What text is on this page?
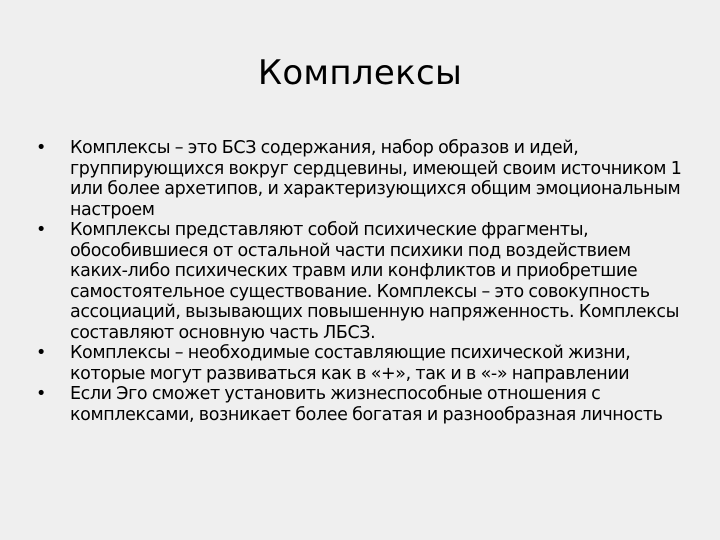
Комплексы
• Комплексы – это БСЗ содержания, набор образов и идей, группирующихся вокруг сердцевины, имеющей своим источником 1 или более архетипов, и характеризующихся общим эмоциональным настроем
• Комплексы представляют собой психические фрагменты, обособившиеся от остальной части психики под воздействием каких-либо психических травм или конфликтов и приобретшие самостоятельное существование. Комплексы – это совокупность ассоциаций, вызывающих повышенную напряженность. Комплексы составляют основную часть ЛБСЗ.
• Комплексы – необходимые составляющие психической жизни, которые могут развиваться как в «+», так и в «-» направлении
• Если Эго сможет установить жизнеспособные отношения с комплексами, возникает более богатая и разнообразная личность
